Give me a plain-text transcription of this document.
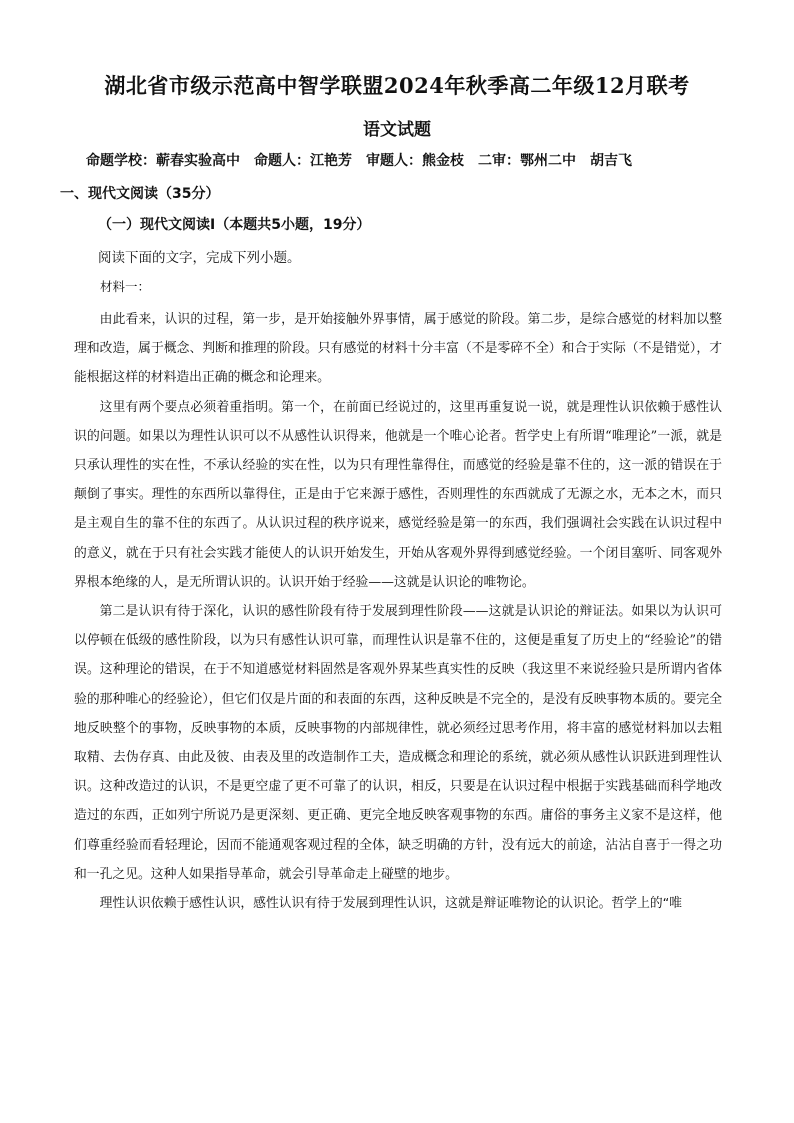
湖北省市级示范高中智学联盟2024年秋季高二年级12月联考
语文试题
命题学校：蕲春实验高中　命题人：江艳芳　审题人：熊金枝　二审：鄂州二中　胡吉飞
一、现代文阅读（35分）
（一）现代文阅读Ⅰ（本题共5小题，19分）
阅读下面的文字，完成下列小题。
材料一：

由此看来，认识的过程，第一步，是开始接触外界事情，属于感觉的阶段。第二步，是综合感觉的材料加以整理和改造，属于概念、判断和推理的阶段。只有感觉的材料十分丰富（不是零碎不全）和合于实际（不是错觉），才能根据这样的材料造出正确的概念和论理来。

这里有两个要点必须着重指明。第一个，在前面已经说过的，这里再重复说一说，就是理性认识依赖于感性认识的问题。如果以为理性认识可以不从感性认识得来，他就是一个唯心论者。哲学史上有所谓“唯理论”一派，就是只承认理性的实在性，不承认经验的实在性，以为只有理性靠得住，而感觉的经验是靠不住的，这一派的错误在于颠倒了事实。理性的东西所以靠得住，正是由于它来源于感性，否则理性的东西就成了无源之水，无本之木，而只是主观自生的靠不住的东西了。从认识过程的秩序说来，感觉经验是第一的东西，我们强调社会实践在认识过程中的意义，就在于只有社会实践才能使人的认识开始发生，开始从客观外界得到感觉经验。一个闭目塞听、同客观外界根本绝缘的人，是无所谓认识的。认识开始于经验——这就是认识论的唯物论。

第二是认识有待于深化，认识的感性阶段有待于发展到理性阶段——这就是认识论的辩证法。如果以为认识可以停顿在低级的感性阶段，以为只有感性认识可靠，而理性认识是靠不住的，这便是重复了历史上的“经验论”的错误。这种理论的错误，在于不知道感觉材料固然是客观外界某些真实性的反映（我这里不来说经验只是所谓内省体验的那种唯心的经验论），但它们仅是片面的和表面的东西，这种反映是不完全的，是没有反映事物本质的。要完全地反映整个的事物，反映事物的本质，反映事物的内部规律性，就必须经过思考作用，将丰富的感觉材料加以去粗取精、去伪存真、由此及彼、由表及里的改造制作工夫，造成概念和理论的系统，就必须从感性认识跃进到理性认识。这种改造过的认识，不是更空虚了更不可靠了的认识，相反，只要是在认识过程中根据于实践基础而科学地改造过的东西，正如列宁所说乃是更深刻、更正确、更完全地反映客观事物的东西。庸俗的事务主义家不是这样，他们尊重经验而看轻理论，因而不能通观客观过程的全体，缺乏明确的方针，没有远大的前途，沾沾自喜于一得之功和一孔之见。这种人如果指导革命，就会引导革命走上碰壁的地步。

理性认识依赖于感性认识，感性认识有待于发展到理性认识，这就是辩证唯物论的认识论。哲学上的“唯
